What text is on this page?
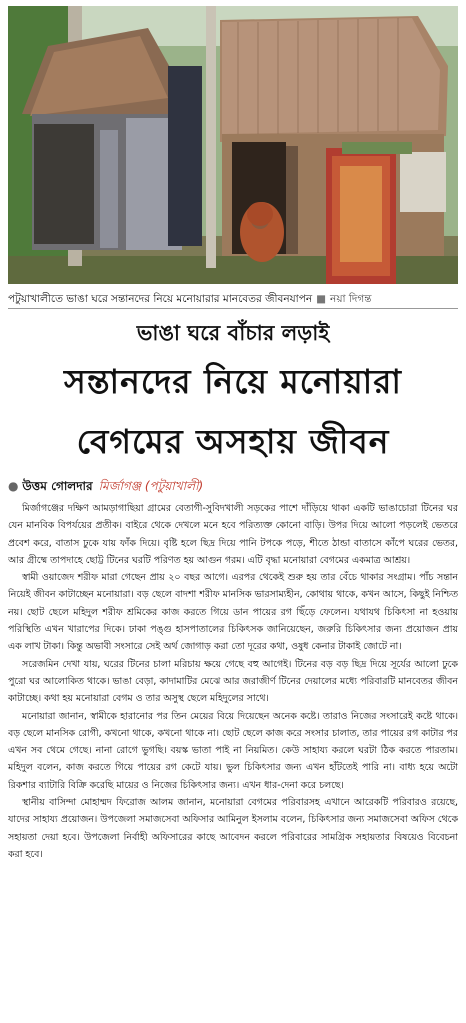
পটুয়াখালীতে ভাঙা ঘরে সন্তানদের নিয়ে মনোয়ারার মানবেতর জীবনযাপন ■ নয়া দিগন্ত
ভাঙা ঘরে বাঁচার লড়াই
সন্তানদের নিয়ে মনোয়ারা
বেগমের অসহায় জীবন
● উত্তম গোলদার মির্জাগঞ্জ (পটুয়াখালী)

মির্জাগঞ্জের দক্ষিণ আমড়াগাছিয়া গ্রামের বেতাগী-সুবিদখালী সড়কের পাশে দাঁড়িয়ে থাকা একটি ভাঙাচোরা টিনের ঘর যেন মানবিক বিপর্যয়ের প্রতীক। বাইরে থেকে দেখলে মনে হবে পরিত্যক্ত কোনো বাড়ি। উপর দিয়ে আলো পড়লেই ভেতরে প্রবেশ করে, বাতাস ঢুকে যায় ফাঁক দিয়ে। বৃষ্টি হলে ছিদ্র দিয়ে পানি টপকে পড়ে, শীতে ঠান্ডা বাতাসে কাঁপে ঘরের ভেতর, আর গ্রীষ্মে তাপদাহে ছোট্ট টিনের ঘরটি পরিণত হয় আগুন গরম। এটি বৃদ্ধা মনোয়ারা বেগমের একমাত্র আশ্রয়।

স্বামী ওয়াজেদ শরীফ মারা গেছেন প্রায় ২০ বছর আগে। এরপর থেকেই শুরু হয় তার বেঁচে থাকার সংগ্রাম। পাঁচ সন্তান নিয়েই জীবন কাটাচ্ছেন মনোয়ারা। বড় ছেলে বাদশা শরীফ মানসিক ভারসাম্যহীন, কোথায় থাকে, কখন আসে, কিছুই নিশ্চিত নয়। ছোট ছেলে মহিদুল শরীফ শ্রমিকের কাজ করতে গিয়ে ডান পায়ের রগ ছিঁড়ে ফেলেন। যথাযথ চিকিৎসা না হওয়ায় পরিস্থিতি এখন খারাপের দিকে। ঢাকা পঙ্গু হাসপাতালের চিকিৎসক জানিয়েছেন, জরুরি চিকিৎসার জন্য প্রয়োজন প্রায় এক লাখ টাকা। কিন্তু অভাবী সংসারে সেই অর্থ জোগাড় করা তো দূরের কথা, ওষুধ কেনার টাকাই জোটে না।

সরেজমিন দেখা যায়, ঘরের টিনের চালা মরিচায় ক্ষয়ে গেছে বহু আগেই। টিনের বড় বড় ছিদ্র দিয়ে সূর্যের আলো ঢুকে পুরো ঘর আলোকিত থাকে। ভাঙা বেড়া, কাদামাটির মেঝে আর জরাজীর্ণ টিনের দেয়ালের মধ্যে পরিবারটি মানবেতর জীবন কাটাচ্ছে। কথা হয় মনোয়ারা বেগম ও তার অসুস্থ ছেলে মহিদুলের সাথে।

মনোয়ারা জানান, স্বামীকে হারানোর পর তিন মেয়ের বিয়ে দিয়েছেন অনেক কষ্টে। তারাও নিজের সংসারেই কষ্টে থাকে। বড় ছেলে মানসিক রোগী, কখনো থাকে, কখনো থাকে না। ছোট ছেলে কাজ করে সংসার চালাত, তার পায়ের রগ কাটার পর এখন সব থেমে গেছে। নানা রোগে ভুগছি। বয়স্ক ভাতা পাই না নিয়মিত। কেউ সাহায্য করলে ঘরটা ঠিক করতে পারতাম। মহিদুল বলেন, কাজ করতে গিয়ে পায়ের রগ কেটে যায়। ভুল চিকিৎসার জন্য এখন হাঁটতেই পারি না। বাধ্য হয়ে অটো রিকশার ব্যাটারি বিক্রি করেছি মায়ের ও নিজের চিকিৎসার জন্য। এখন ধার-দেনা করে চলছে।

স্থানীয় বাসিন্দা মোহাম্মদ ফিরোজ আলম জানান, মনোয়ারা বেগমের পরিবারসহ এখানে আরেকটি পরিবারও রয়েছে, যাদের সাহায্য প্রয়োজন। উপজেলা সমাজসেবা অফিসার আমিনুল ইসলাম বলেন, চিকিৎসার জন্য সমাজসেবা অফিস থেকে সহায়তা দেয়া হবে। উপজেলা নির্বাহী অফিসারের কাছে আবেদন করলে পরিবারের সামগ্রিক সহায়তার বিষয়েও বিবেচনা করা হবে।
